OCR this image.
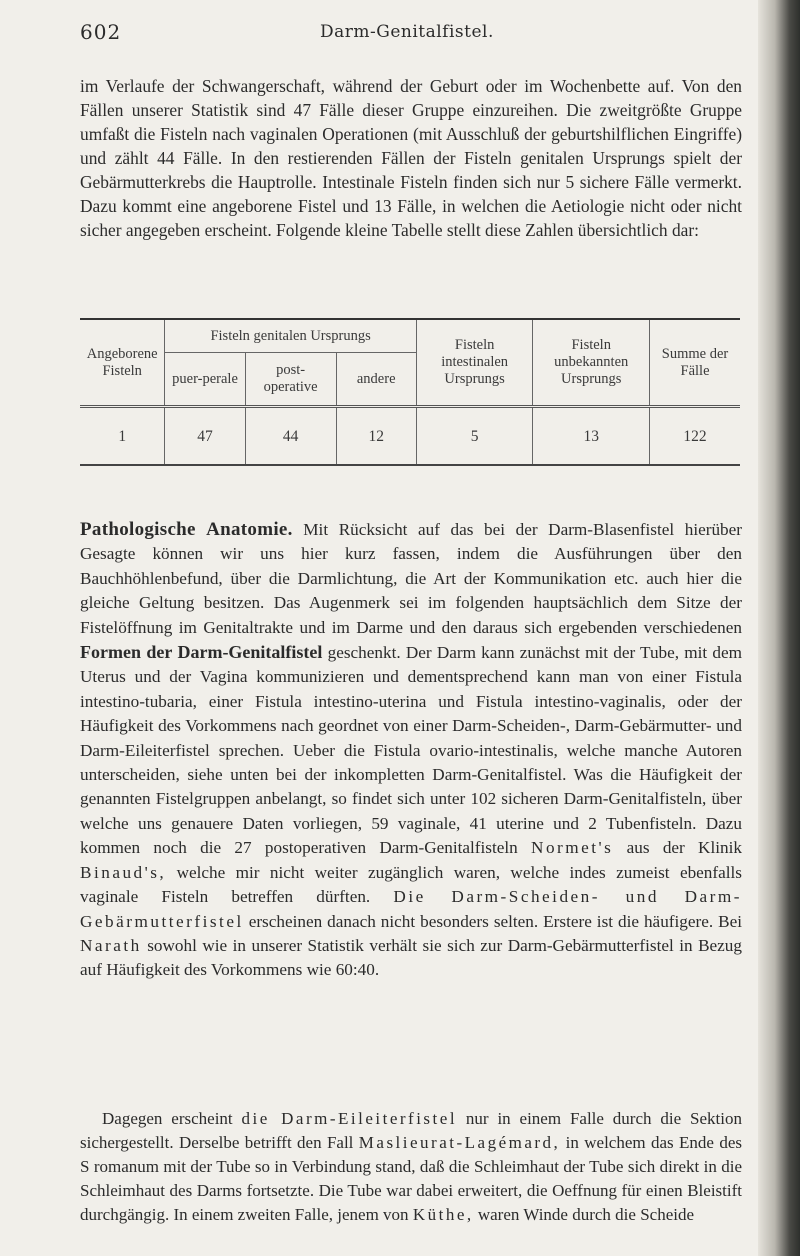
602	Darm-Genitalfistel.

im Verlaufe der Schwangerschaft, während der Geburt oder im Wochenbette auf. Von den Fällen unserer Statistik sind 47 Fälle dieser Gruppe einzureihen. Die zweitgrößte Gruppe umfaßt die Fisteln nach vaginalen Operationen (mit Ausschluß der geburtshilflichen Eingriffe) und zählt 44 Fälle. In den restierenden Fällen der Fisteln genitalen Ursprungs spielt der Gebärmutterkrebs die Hauptrolle. Intestinale Fisteln finden sich nur 5 sichere Fälle vermerkt. Dazu kommt eine angeborene Fistel und 13 Fälle, in welchen die Aetiologie nicht oder nicht sicher angegeben erscheint. Folgende kleine Tabelle stellt diese Zahlen übersichtlich dar:

Angeborene Fisteln	Fisteln genitalen Ursprungs			Fisteln intestinalen Ursprungs	Fisteln unbekannten Ursprungs	Summe der Fälle
	puer-perale	post-operative	andere			
1	47	44	12	5	13	122

Pathologische Anatomie. Mit Rücksicht auf das bei der Darm-Blasenfistel hierüber Gesagte können wir uns hier kurz fassen, indem die Ausführungen über den Bauchhöhlenbefund, über die Darmlichtung, die Art der Kommunikation etc. auch hier die gleiche Geltung besitzen. Das Augenmerk sei im folgenden hauptsächlich dem Sitze der Fistelöffnung im Genitaltrakte und im Darme und den daraus sich ergebenden verschiedenen Formen der Darm-Genitalfistel geschenkt. Der Darm kann zunächst mit der Tube, mit dem Uterus und der Vagina kommunizieren und dementsprechend kann man von einer Fistula intestino-tubaria, einer Fistula intestino-uterina und Fistula intestino-vaginalis, oder der Häufigkeit des Vorkommens nach geordnet von einer Darm-Scheiden-, Darm-Gebärmutter- und Darm-Eileiterfistel sprechen. Ueber die Fistula ovario-intestinalis, welche manche Autoren unterscheiden, siehe unten bei der inkompletten Darm-Genitalfistel. Was die Häufigkeit der genannten Fistelgruppen anbelangt, so findet sich unter 102 sicheren Darm-Genitalfisteln, über welche uns genauere Daten vorliegen, 59 vaginale, 41 uterine und 2 Tubenfisteln. Dazu kommen noch die 27 postoperativen Darm-Genitalfisteln Normet's aus der Klinik Binaud's, welche mir nicht weiter zugänglich waren, welche indes zumeist ebenfalls vaginale Fisteln betreffen dürften. Die Darm-Scheiden- und Darm-Gebärmutterfistel erscheinen danach nicht besonders selten. Erstere ist die häufigere. Bei Narath sowohl wie in unserer Statistik verhält sie sich zur Darm-Gebärmutterfistel in Bezug auf Häufigkeit des Vorkommens wie 60:40.

Dagegen erscheint die Darm-Eileiterfistel nur in einem Falle durch die Sektion sichergestellt. Derselbe betrifft den Fall Maslieurat-Lagémard, in welchem das Ende des S romanum mit der Tube so in Verbindung stand, daß die Schleimhaut der Tube sich direkt in die Schleimhaut des Darms fortsetzte. Die Tube war dabei erweitert, die Oeffnung für einen Bleistift durchgängig. In einem zweiten Falle, jenem von Küthe, waren Winde durch die Scheide
